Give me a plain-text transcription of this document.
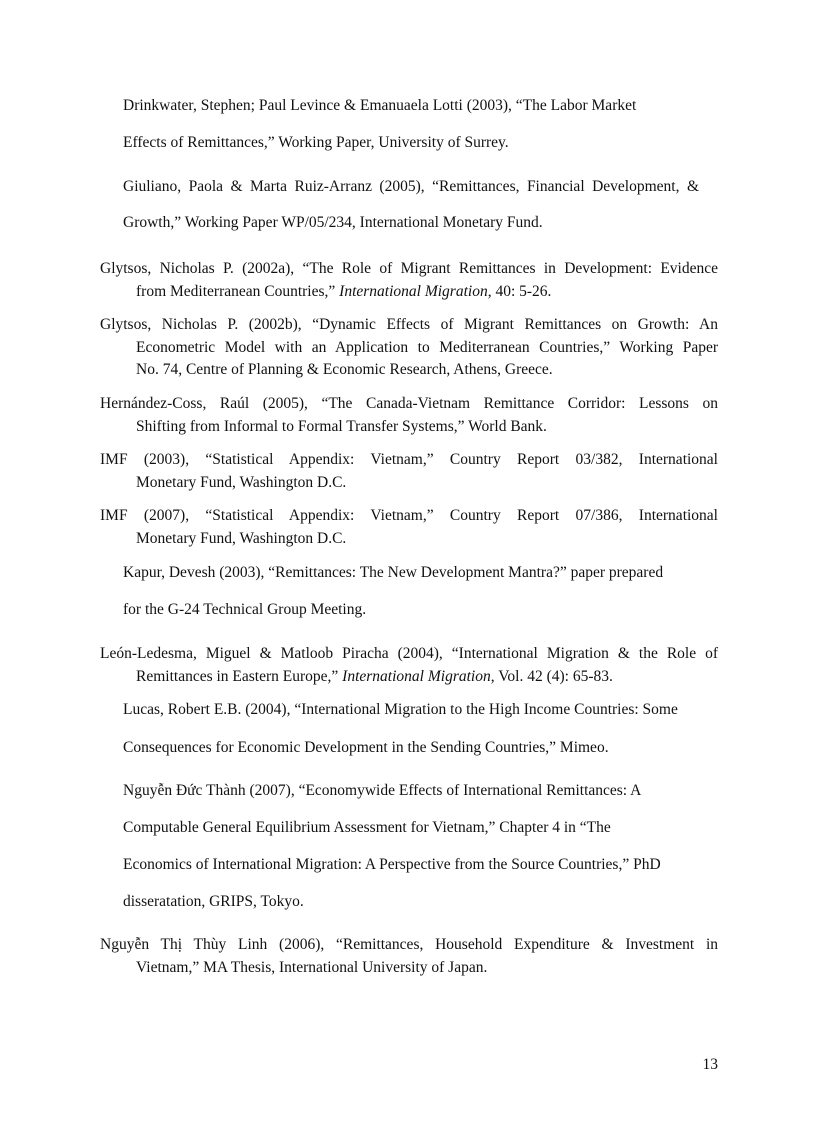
Drinkwater, Stephen; Paul Levince & Emanuaela Lotti (2003), “The Labor Market
Effects of Remittances,” Working Paper, University of Surrey.
Giuliano, Paola & Marta Ruiz-Arranz (2005), “Remittances, Financial Development, &
Growth,” Working Paper WP/05/234, International Monetary Fund.
Glytsos, Nicholas P. (2002a), “The Role of Migrant Remittances in Development: Evidence
from Mediterranean Countries,” International Migration, 40: 5-26.
Glytsos, Nicholas P. (2002b), “Dynamic Effects of Migrant Remittances on Growth: An
Econometric Model with an Application to Mediterranean Countries,” Working Paper
No. 74, Centre of Planning & Economic Research, Athens, Greece.
Hernández-Coss, Raúl (2005), “The Canada-Vietnam Remittance Corridor: Lessons on
Shifting from Informal to Formal Transfer Systems,” World Bank.
IMF (2003), “Statistical Appendix: Vietnam,” Country Report 03/382, International
Monetary Fund, Washington D.C.
IMF (2007), “Statistical Appendix: Vietnam,” Country Report 07/386, International
Monetary Fund, Washington D.C.
Kapur, Devesh (2003), “Remittances: The New Development Mantra?” paper prepared
for the G-24 Technical Group Meeting.
León-Ledesma, Miguel & Matloob Piracha (2004), “International Migration & the Role of
Remittances in Eastern Europe,” International Migration, Vol. 42 (4): 65-83.
Lucas, Robert E.B. (2004), “International Migration to the High Income Countries: Some
Consequences for Economic Development in the Sending Countries,” Mimeo.
Nguyễn Đức Thành (2007), “Economywide Effects of International Remittances: A
Computable General Equilibrium Assessment for Vietnam,” Chapter 4 in “The
Economics of International Migration: A Perspective from the Source Countries,” PhD
disseratation, GRIPS, Tokyo.
Nguyễn Thị Thùy Linh (2006), “Remittances, Household Expenditure & Investment in
Vietnam,” MA Thesis, International University of Japan.
13
